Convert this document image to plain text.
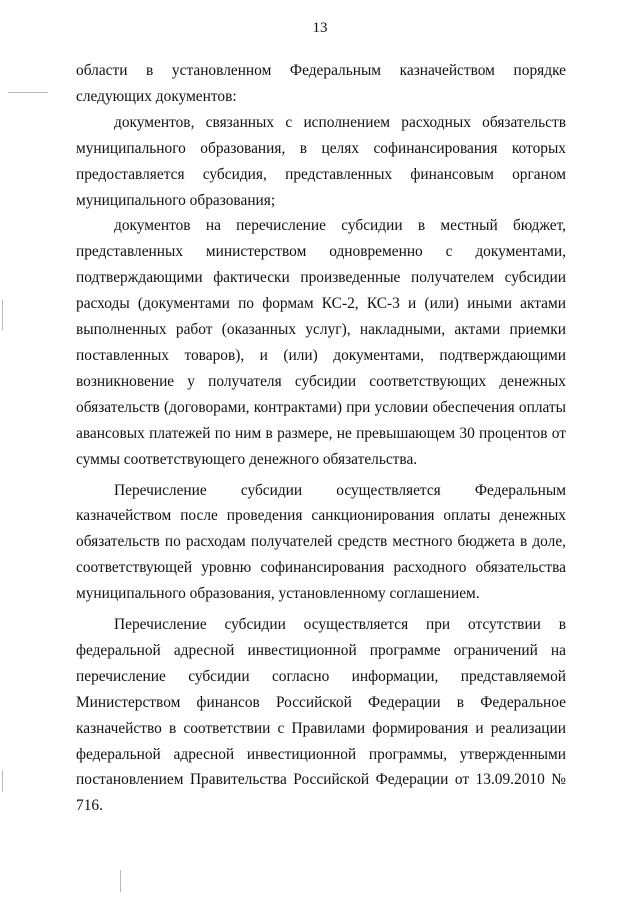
13

области в установленном Федеральным казначейством порядке следующих документов:

документов, связанных с исполнением расходных обязательств муниципального образования, в целях софинансирования которых предоставляется субсидия, представленных финансовым органом муниципального образования;

документов на перечисление субсидии в местный бюджет, представленных министерством одновременно с документами, подтверждающими фактически произведенные получателем субсидии расходы (документами по формам КС-2, КС-3 и (или) иными актами выполненных работ (оказанных услуг), накладными, актами приемки поставленных товаров), и (или) документами, подтверждающими возникновение у получателя субсидии соответствующих денежных обязательств (договорами, контрактами) при условии обеспечения оплаты авансовых платежей по ним в размере, не превышающем 30 процентов от суммы соответствующего денежного обязательства.

Перечисление субсидии осуществляется Федеральным казначейством после проведения санкционирования оплаты денежных обязательств по расходам получателей средств местного бюджета в доле, соответствующей уровню софинансирования расходного обязательства муниципального образования, установленному соглашением.

Перечисление субсидии осуществляется при отсутствии в федеральной адресной инвестиционной программе ограничений на перечисление субсидии согласно информации, представляемой Министерством финансов Российской Федерации в Федеральное казначейство в соответствии с Правилами формирования и реализации федеральной адресной инвестиционной программы, утвержденными постановлением Правительства Российской Федерации от 13.09.2010 № 716.
